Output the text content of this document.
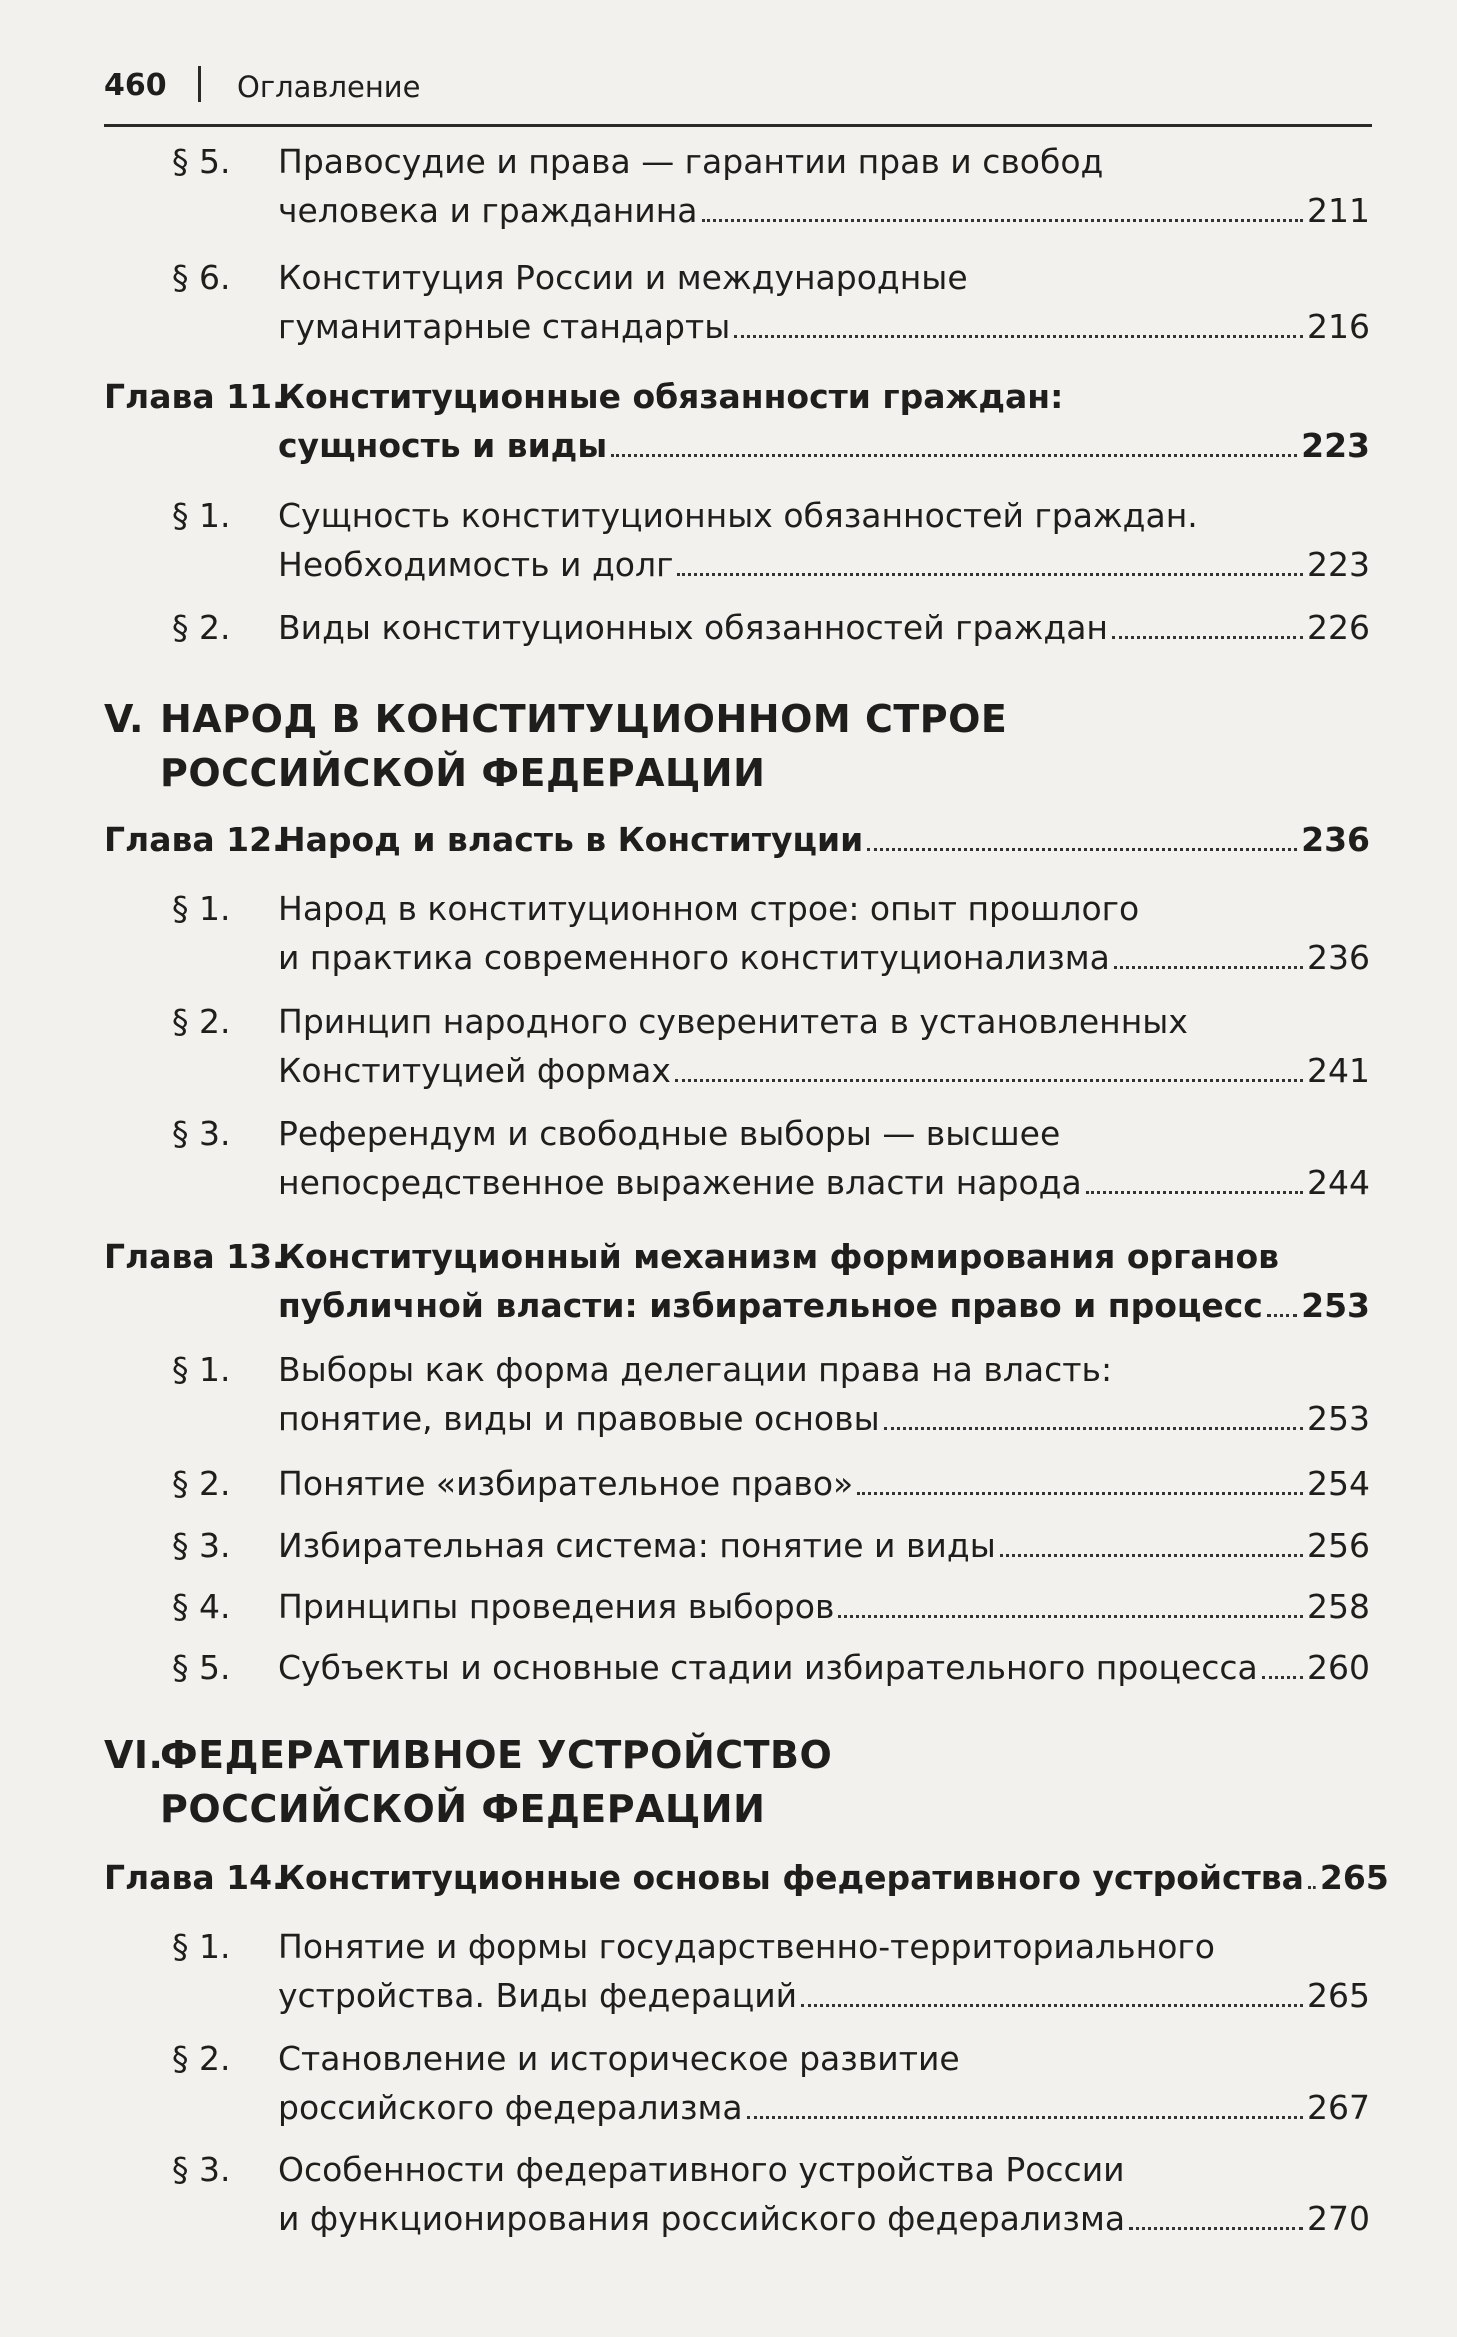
460 Оглавление
§ 5. Правосудие и права — гарантии прав и свобод
человека и гражданина	211
§ 6. Конституция России и международные
гуманитарные стандарты	216
Глава 11.
Конституционные обязанности граждан:
сущность и виды	223
§ 1. Сущность конституционных обязанностей граждан.
Необходимость и долг	223
§ 2. Виды конституционных обязанностей граждан	226
V. НАРОД В КОНСТИТУЦИОННОМ СТРОЕ
РОССИЙСКОЙ ФЕДЕРАЦИИ
Глава 12.
Народ и власть в Конституции	236
§ 1. Народ в конституционном строе: опыт прошлого
и практика современного конституционализма	236
§ 2. Принцип народного суверенитета в установленных
Конституцией формах	241
§ 3. Референдум и свободные выборы — высшее
непосредственное выражение власти народа	244
Глава 13.
Конституционный механизм формирования органов
публичной власти: избирательное право и процесс 253
§ 1. Выборы как форма делегации права на власть:
понятие, виды и правовые основы	253
§ 2. Понятие «избирательное право»	254
§ 3. Избирательная система: понятие и виды	256
§ 4. Принципы проведения выборов	258
§ 5. Субъекты и основные стадии избирательного процесса 260
VI.
ФЕДЕРАТИВНОЕ УСТРОЙСТВО
РОССИЙСКОЙ ФЕДЕРАЦИИ
Глава 14.
Конституционные основы федеративного устройства 265
§ 1. Понятие и формы государственно-территориального
устройства. Виды федераций	265
§ 2. Становление и историческое развитие
российского федерализма	267
§ 3. Особенности федеративного устройства России
и функционирования российского федерализма	270
